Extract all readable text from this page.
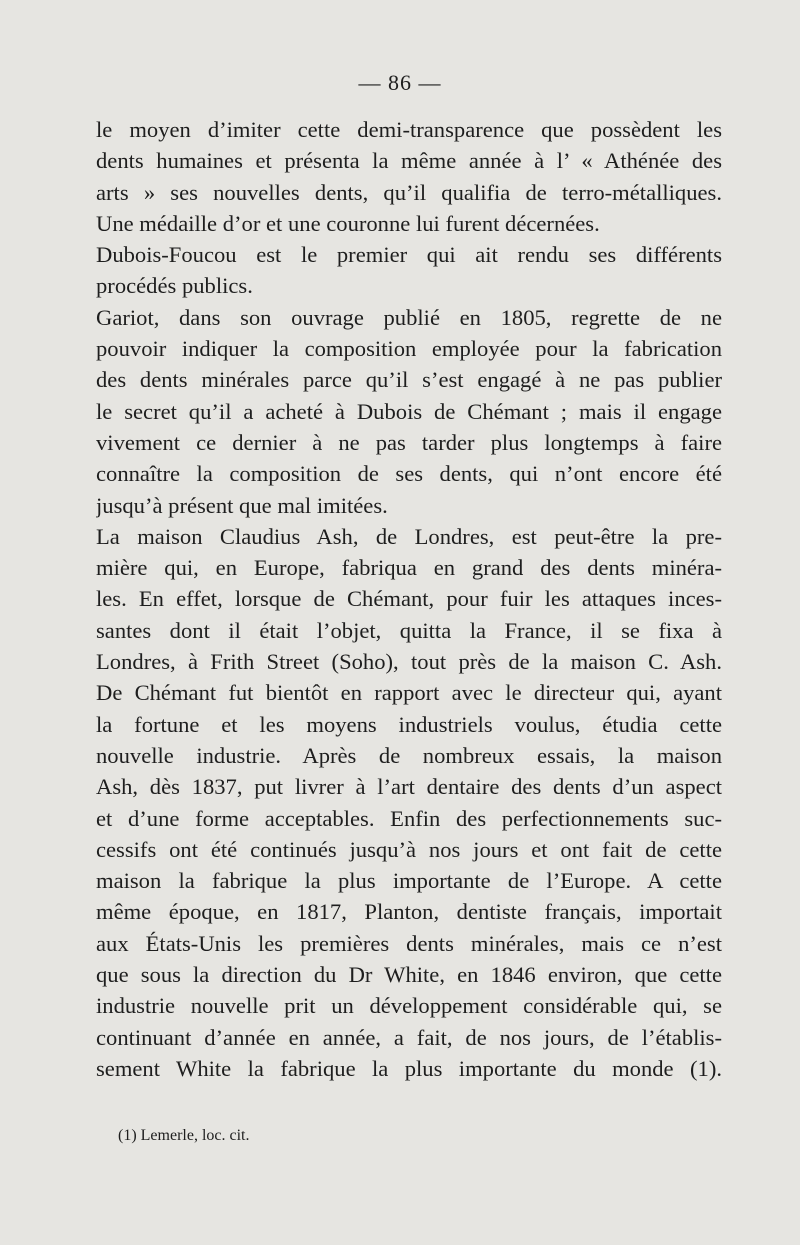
— 86 —
le moyen d’imiter cette demi-transparence que possèdent les
dents humaines et présenta la même année à l’ « Athénée des
arts » ses nouvelles dents, qu’il qualifia de terro-métalliques.
Une médaille d’or et une couronne lui furent décernées.
Dubois-Foucou est le premier qui ait rendu ses différents
procédés publics.
Gariot, dans son ouvrage publié en 1805, regrette de ne
pouvoir indiquer la composition employée pour la fabrication
des dents minérales parce qu’il s’est engagé à ne pas publier
le secret qu’il a acheté à Dubois de Chémant ; mais il engage
vivement ce dernier à ne pas tarder plus longtemps à faire
connaître la composition de ses dents, qui n’ont encore été
jusqu’à présent que mal imitées.
La maison Claudius Ash, de Londres, est peut-être la pre-
mière qui, en Europe, fabriqua en grand des dents minéra-
les. En effet, lorsque de Chémant, pour fuir les attaques inces-
santes dont il était l’objet, quitta la France, il se fixa à
Londres, à Frith Street (Soho), tout près de la maison C. Ash.
De Chémant fut bientôt en rapport avec le directeur qui, ayant
la fortune et les moyens industriels voulus, étudia cette
nouvelle industrie. Après de nombreux essais, la maison
Ash, dès 1837, put livrer à l’art dentaire des dents d’un aspect
et d’une forme acceptables. Enfin des perfectionnements suc-
cessifs ont été continués jusqu’à nos jours et ont fait de cette
maison la fabrique la plus importante de l’Europe. A cette
même époque, en 1817, Planton, dentiste français, importait
aux États-Unis les premières dents minérales, mais ce n’est
que sous la direction du Dr White, en 1846 environ, que cette
industrie nouvelle prit un développement considérable qui, se
continuant d’année en année, a fait, de nos jours, de l’établis-
sement White la fabrique la plus importante du monde (1).
(1) Lemerle, loc. cit.
